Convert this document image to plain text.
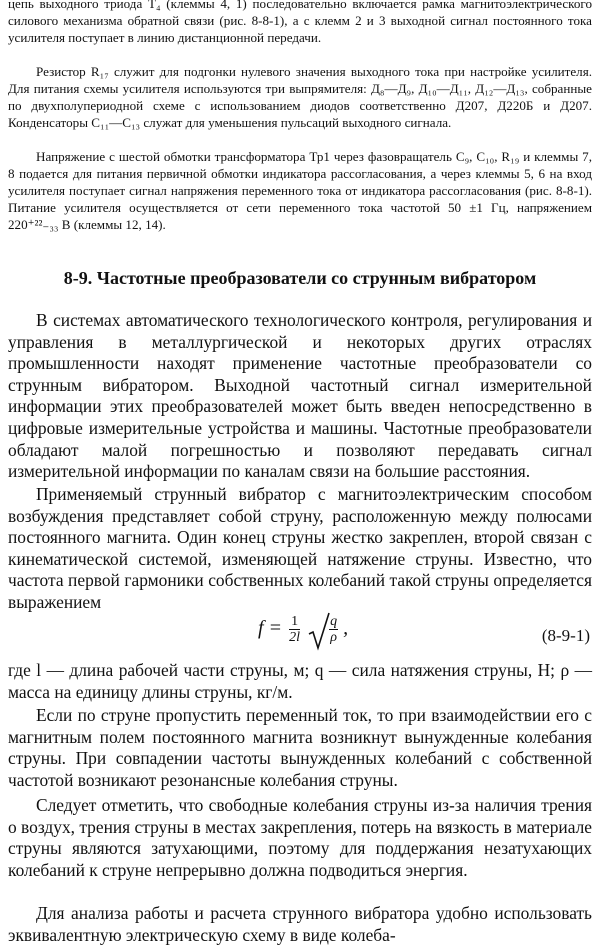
цепь выходного триода Т₄ (клеммы 4, 1) последовательно включается рамка магнитоэлектрического силового механизма обратной связи (рис. 8-8-1), а с клемм 2 и 3 выходной сигнал постоянного тока усилителя поступает в линию дистанционной передачи.

Резистор R₁₇ служит для подгонки нулевого значения выходного тока при настройке усилителя. Для питания схемы усилителя используются три выпрямителя: Д₈—Д₉, Д₁₀—Д₁₁, Д₁₂—Д₁₃, собранные по двухполупериодной схеме с использованием диодов соответственно Д207, Д220Б и Д207. Конденсаторы С₁₁—С₁₃ служат для уменьшения пульсаций выходного сигнала.

Напряжение с шестой обмотки трансформатора Тр1 через фазовращатель С₉, С₁₀, R₁₉ и клеммы 7, 8 подается для питания первичной обмотки индикатора рассогласования, а через клеммы 5, 6 на вход усилителя поступает сигнал напряжения переменного тока от индикатора рассогласования (рис. 8-8-1). Питание усилителя осуществляется от сети переменного тока частотой 50 ±1 Гц, напряжением 220⁺²²₋₃₃ В (клеммы 12, 14).

8-9. Частотные преобразователи со струнным вибратором

В системах автоматического технологического контроля, регулирования и управления в металлургической и некоторых других отраслях промышленности находят применение частотные преобразователи со струнным вибратором. Выходной частотный сигнал измерительной информации этих преобразователей может быть введен непосредственно в цифровые измерительные устройства и машины. Частотные преобразователи обладают малой погрешностью и позволяют передавать сигнал измерительной информации по каналам связи на большие расстояния.

Применяемый струнный вибратор с магнитоэлектрическим способом возбуждения представляет собой струну, расположенную между полюсами постоянного магнита. Один конец струны жестко закреплен, второй связан с кинематической системой, изменяющей натяжение струны. Известно, что частота первой гармоники собственных колебаний такой струны определяется выражением

$f = \frac{1}{2l}$
$\frac{q}{\rho}$ ,	(8-9-1)

где l — длина рабочей части струны, м; q — сила натяжения струны, Н; ρ — масса на единицу длины струны, кг/м.

Если по струне пропустить переменный ток, то при взаимодействии его с магнитным полем постоянного магнита возникнут вынужденные колебания струны. При совпадении частоты вынужденных колебаний с собственной частотой возникают резонансные колебания струны.

Следует отметить, что свободные колебания струны из-за наличия трения о воздух, трения струны в местах закрепления, потерь на вязкость в материале струны являются затухающими, поэтому для поддержания незатухающих колебаний к струне непрерывно должна подводиться энергия.

Для анализа работы и расчета струнного вибратора удобно использовать эквивалентную электрическую схему в виде колеба-
